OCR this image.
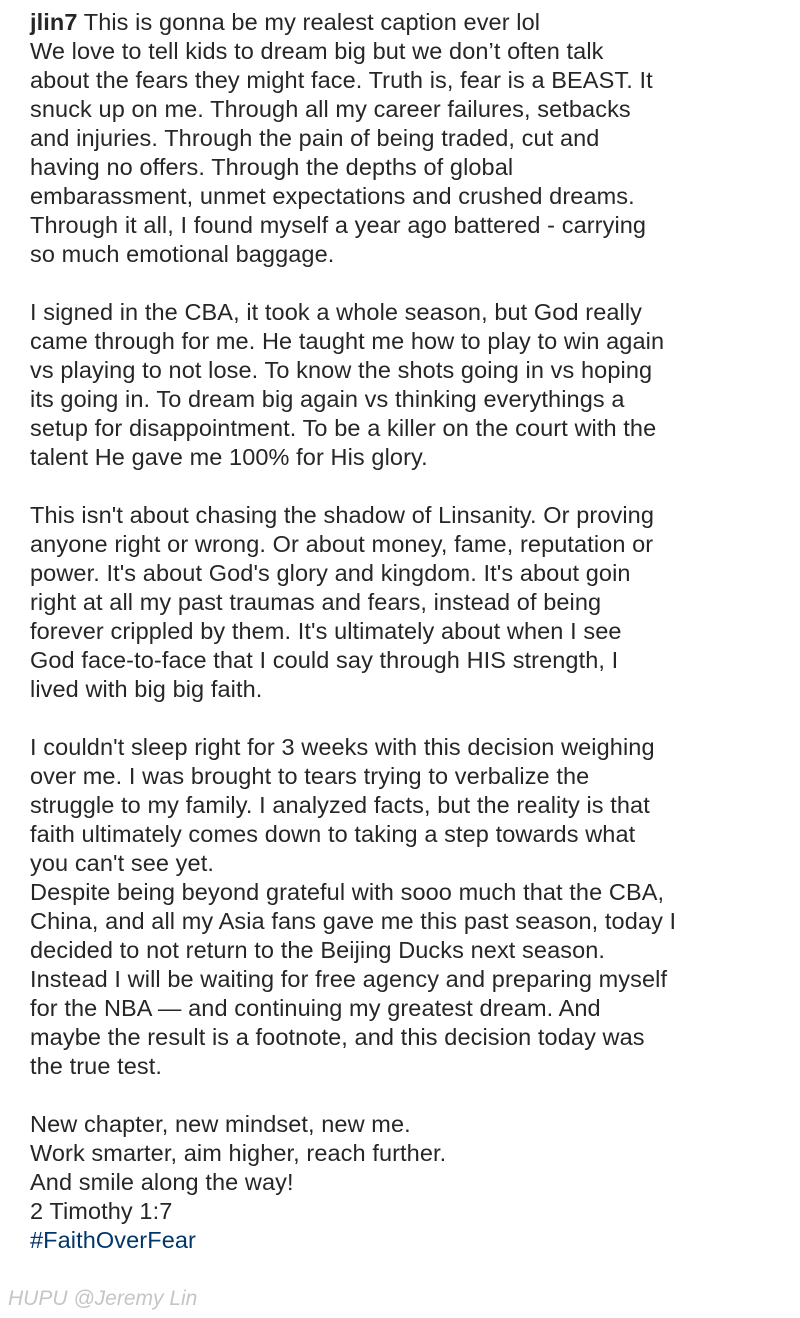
jlin7 This is gonna be my realest caption ever lol

We love to tell kids to dream big but we don’t often talk
about the fears they might face. Truth is, fear is a BEAST. It
snuck up on me. Through all my career failures, setbacks
and injuries. Through the pain of being traded, cut and
having no offers. Through the depths of global
embarassment, unmet expectations and crushed dreams.
Through it all, I found myself a year ago battered - carrying
so much emotional baggage.

I signed in the CBA, it took a whole season, but God really
came through for me. He taught me how to play to win again
vs playing to not lose. To know the shots going in vs hoping
its going in. To dream big again vs thinking everythings a
setup for disappointment. To be a killer on the court with the
talent He gave me 100% for His glory.

This isn't about chasing the shadow of Linsanity. Or proving
anyone right or wrong. Or about money, fame, reputation or
power. It's about God's glory and kingdom. It's about goin
right at all my past traumas and fears, instead of being
forever crippled by them. It's ultimately about when I see
God face-to-face that I could say through HIS strength, I
lived with big big faith.

I couldn't sleep right for 3 weeks with this decision weighing
over me. I was brought to tears trying to verbalize the
struggle to my family. I analyzed facts, but the reality is that
faith ultimately comes down to taking a step towards what
you can't see yet.

Despite being beyond grateful with sooo much that the CBA,
China, and all my Asia fans gave me this past season, today I
decided to not return to the Beijing Ducks next season.
Instead I will be waiting for free agency and preparing myself
for the NBA — and continuing my greatest dream. And
maybe the result is a footnote, and this decision today was
the true test.

New chapter, new mindset, new me.
Work smarter, aim higher, reach further.
And smile along the way!
2 Timothy 1:7

#FaithOverFear

HUPU @Jeremy Lin
